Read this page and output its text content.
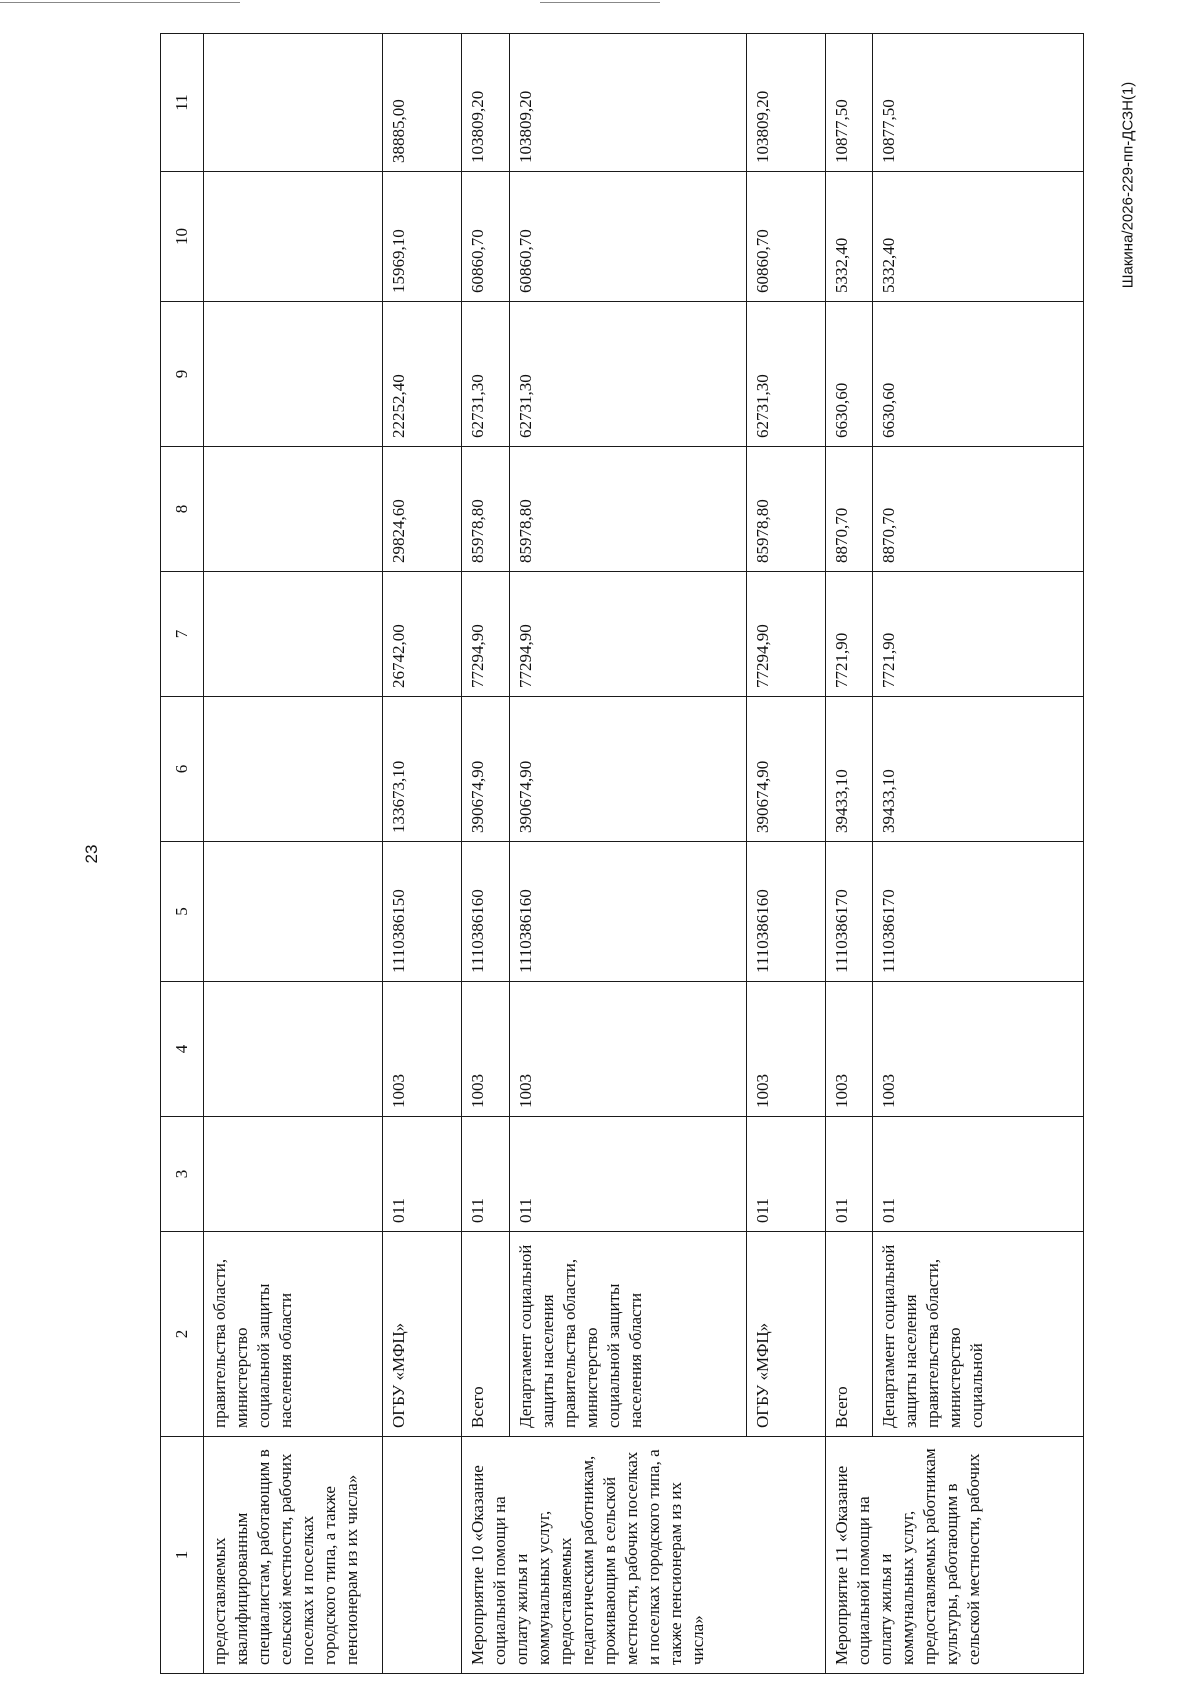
23
Шакина/2026-229-пп-ДСЗН(1)
1	2	3	4	5	6	7	8	9	10	11
предоставляемых квалифицированным специалистам, работающим в сельской местности, рабочих поселках и поселках городского типа, а также пенсионерам из их числа»	правительства области, министерство социальной защиты населения области									
	ОГБУ «МФЦ»	011	1003	1110386150	133673,10	26742,00	29824,60	22252,40	15969,10	38885,00
Мероприятие 10 «Оказание социальной помощи на оплату жилья и коммунальных услуг, предоставляемых педагогическим работникам, проживающим в сельской местности, рабочих поселках и поселках городского типа, а также пенсионерам из их числа»	Всего	011	1003	1110386160	390674,90	77294,90	85978,80	62731,30	60860,70	103809,20
	Департамент социальной защиты населения правительства области, министерство социальной защиты населения области	011	1003	1110386160	390674,90	77294,90	85978,80	62731,30	60860,70	103809,20
	ОГБУ «МФЦ»	011	1003	1110386160	390674,90	77294,90	85978,80	62731,30	60860,70	103809,20
Мероприятие 11 «Оказание социальной помощи на оплату жилья и коммунальных услуг, предоставляемых работникам культуры, работающим в сельской местности, рабочих	Всего	011	1003	1110386170	39433,10	7721,90	8870,70	6630,60	5332,40	10877,50
	Департамент социальной защиты населения правительства области, министерство социальной	011	1003	1110386170	39433,10	7721,90	8870,70	6630,60	5332,40	10877,50
